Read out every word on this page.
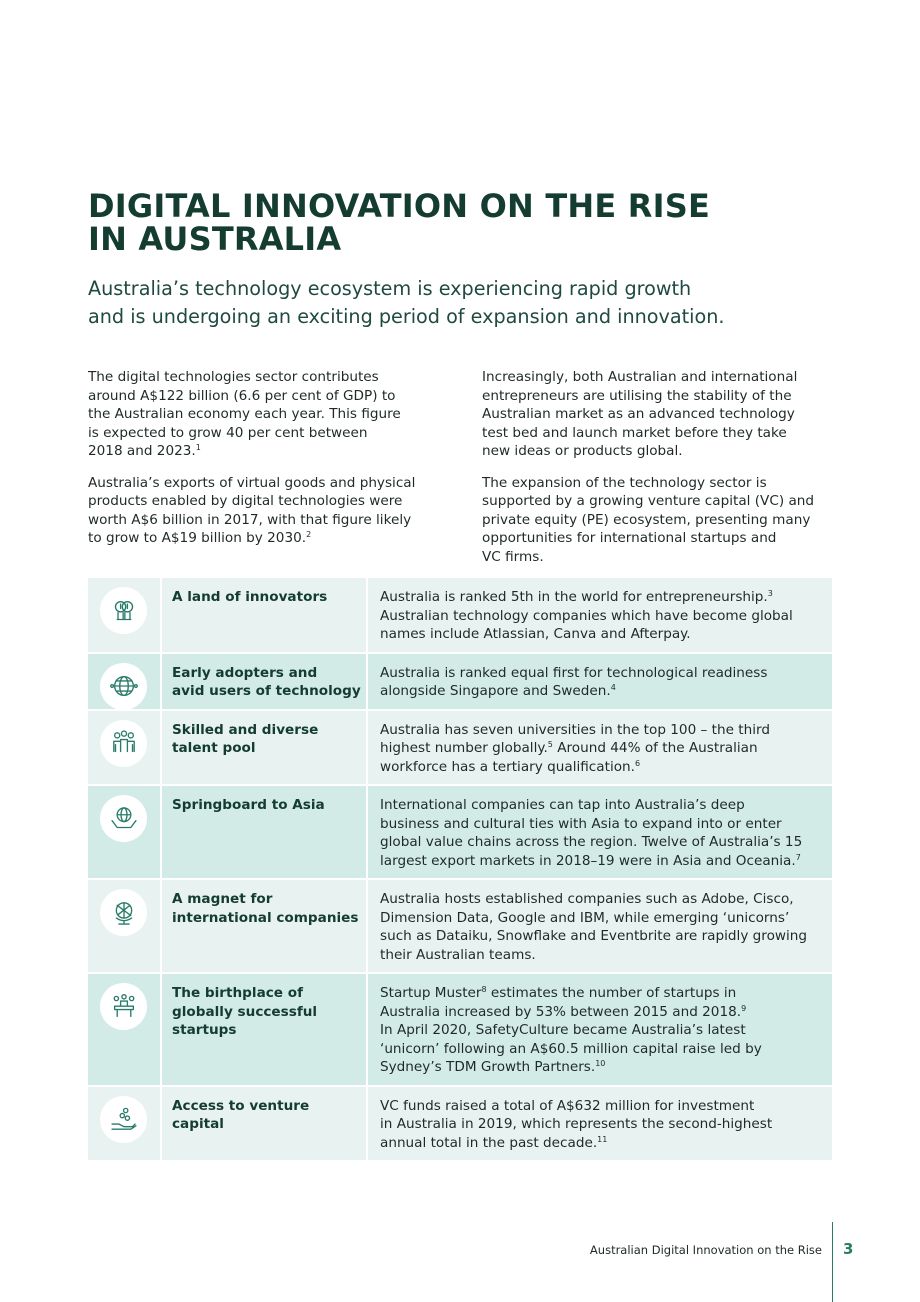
DIGITAL INNOVATION ON THE RISE
IN AUSTRALIA
Australia’s technology ecosystem is experiencing rapid growth
and is undergoing an exciting period of expansion and innovation.

The digital technologies sector contributes
around A$122 billion (6.6 per cent of GDP) to
the Australian economy each year. This figure
is expected to grow 40 per cent between
2018 and 2023.$^1$

Australia’s exports of virtual goods and physical
products enabled by digital technologies were
worth A$6 billion in 2017, with that figure likely
to grow to A$19 billion by 2030.$^2$

Increasingly, both Australian and international
entrepreneurs are utilising the stability of the
Australian market as an advanced technology
test bed and launch market before they take
new ideas or products global.

The expansion of the technology sector is
supported by a growing venture capital (VC) and
private equity (PE) ecosystem, presenting many
opportunities for international startups and
VC firms.

A land of innovators	Australia is ranked 5th in the world for entrepreneurship.$^3$
Australian technology companies which have become global
names include Atlassian, Canva and Afterpay.
Early adopters and
avid users of technology
Australia is ranked equal first for technological readiness
alongside Singapore and Sweden.$^4$
Skilled and diverse
talent pool
Australia has seven universities in the top 100 – the third
highest number globally.$^5$ Around 44% of the Australian
workforce has a tertiary qualification.$^6$
Springboard to Asia	International companies can tap into Australia’s deep
business and cultural ties with Asia to expand into or enter
global value chains across the region. Twelve of Australia’s 15
largest export markets in 2018–19 were in Asia and Oceania.$^7$
A magnet for
international companies
Australia hosts established companies such as Adobe, Cisco,
Dimension Data, Google and IBM, while emerging ‘unicorns’
such as Dataiku, Snowflake and Eventbrite are rapidly growing
their Australian teams.
The birthplace of
globally successful
startups
Startup Muster$^8$ estimates the number of startups in
Australia increased by 53% between 2015 and 2018.$^9$
In April 2020, SafetyCulture became Australia’s latest
‘unicorn’ following an A$60.5 million capital raise led by
Sydney’s TDM Growth Partners.$^{10}$
Access to venture
capital
VC funds raised a total of A$632 million for investment
in Australia in 2019, which represents the second-highest
annual total in the past decade.$^{11}$
Australian Digital Innovation on the Rise 3
